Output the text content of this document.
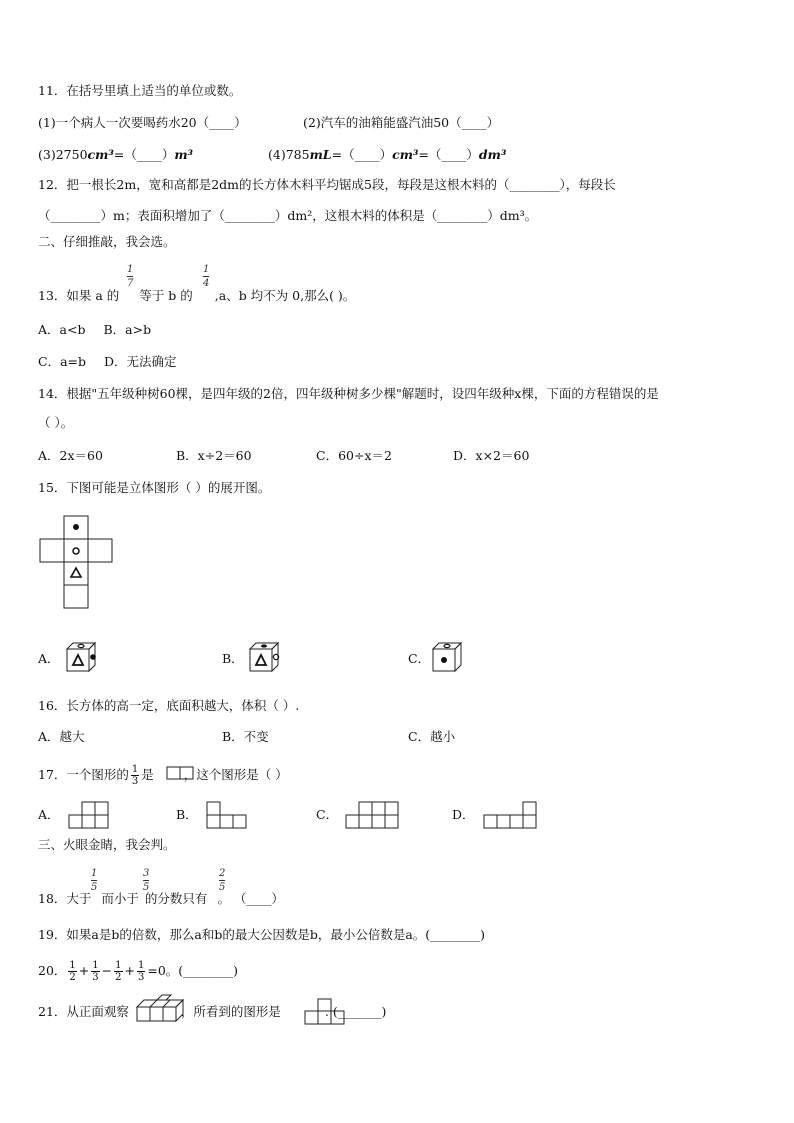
11．在括号里填上适当的单位或数。
(1)一个病人一次要喝药水20（____）	(2)汽车的油箱能盛汽油50（____）
(3)2750cm³=（____）m³	(4)785mL=（____）cm³=（____）dm³
12．把一根长2m，宽和高都是2dm的长方体木料平均锯成5段，每段是这根木料的（________），每段长
（________）m；表面积增加了（________）dm²，这根木料的体积是（________）dm³。
二、仔细推敲，我会选。
1
7
1
4
13．如果 a 的 等于 b 的 ,a、b 均不为 0,那么( )。
A．a<b B．a>b
C．a=b D．无法确定
14．根据"五年级种树60棵，是四年级的2倍，四年级种树多少棵"解题时，设四年级种x棵，下面的方程错误的是
（ ）。
A．2x＝60	B．x÷2＝60	C．60÷x＝2	D．x×2＝60
15．下图可能是立体图形（ ）的展开图。
A．	B．	C．
16．长方体的高一定，底面积越大，体积（ ）.
A．越大	B．不变	C．越小
17．一个图形的 $\frac{1}{3}$ 是 ，这个图形是（ ）
A．	B．	C．	D．
三、火眼金睛，我会判。
1
5
3
5
2
5
18．大于 而小于 的分数只有 。 （____）
19．如果a是b的倍数，那么a和b的最大公因数是b，最小公倍数是a。(________)
20． $\frac{1}{2} + \frac{1}{3} - \frac{1}{2} + \frac{1}{3} =0$。(________)
21．从正面观察	，所看到的图形是	. (_______)
